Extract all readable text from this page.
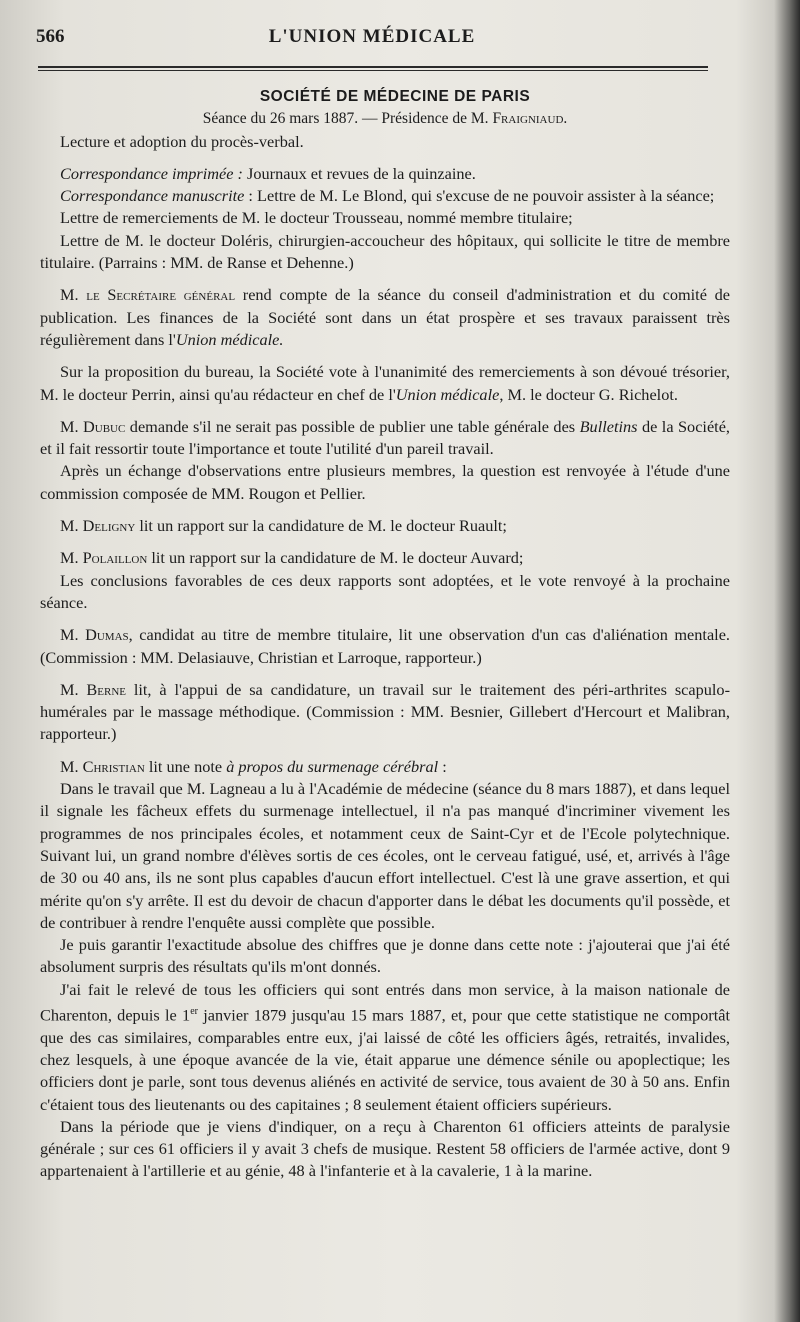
566	L'UNION MÉDICALE

SOCIÉTÉ DE MÉDECINE DE PARIS

Séance du 26 mars 1887. — Présidence de M. Fraigniaud.

Lecture et adoption du procès-verbal.

Correspondance imprimée : Journaux et revues de la quinzaine.

Correspondance manuscrite : Lettre de M. Le Blond, qui s'excuse de ne pouvoir assister à la séance;

Lettre de remerciements de M. le docteur Trousseau, nommé membre titulaire;

Lettre de M. le docteur Doléris, chirurgien-accoucheur des hôpitaux, qui sollicite le titre de membre titulaire. (Parrains : MM. de Ranse et Dehenne.)

M. le Secrétaire général rend compte de la séance du conseil d'administration et du comité de publication. Les finances de la Société sont dans un état prospère et ses travaux paraissent très régulièrement dans l'Union médicale.

Sur la proposition du bureau, la Société vote à l'unanimité des remerciements à son dévoué trésorier, M. le docteur Perrin, ainsi qu'au rédacteur en chef de l'Union médicale, M. le docteur G. Richelot.

M. Dubuc demande s'il ne serait pas possible de publier une table générale des Bulletins de la Société, et il fait ressortir toute l'importance et toute l'utilité d'un pareil travail.

Après un échange d'observations entre plusieurs membres, la question est renvoyée à l'étude d'une commission composée de MM. Rougon et Pellier.

M. Deligny lit un rapport sur la candidature de M. le docteur Ruault;

M. Polaillon lit un rapport sur la candidature de M. le docteur Auvard;

Les conclusions favorables de ces deux rapports sont adoptées, et le vote renvoyé à la prochaine séance.

M. Dumas, candidat au titre de membre titulaire, lit une observation d'un cas d'aliénation mentale. (Commission : MM. Delasiauve, Christian et Larroque, rapporteur.)

M. Berne lit, à l'appui de sa candidature, un travail sur le traitement des péri-arthrites scapulo-humérales par le massage méthodique. (Commission : MM. Besnier, Gillebert d'Hercourt et Malibran, rapporteur.)

M. Christian lit une note à propos du surmenage cérébral :

Dans le travail que M. Lagneau a lu à l'Académie de médecine (séance du 8 mars 1887), et dans lequel il signale les fâcheux effets du surmenage intellectuel, il n'a pas manqué d'incriminer vivement les programmes de nos principales écoles, et notamment ceux de Saint-Cyr et de l'Ecole polytechnique. Suivant lui, un grand nombre d'élèves sortis de ces écoles, ont le cerveau fatigué, usé, et, arrivés à l'âge de 30 ou 40 ans, ils ne sont plus capables d'aucun effort intellectuel. C'est là une grave assertion, et qui mérite qu'on s'y arrête. Il est du devoir de chacun d'apporter dans le débat les documents qu'il possède, et de contribuer à rendre l'enquête aussi complète que possible.

Je puis garantir l'exactitude absolue des chiffres que je donne dans cette note : j'ajouterai que j'ai été absolument surpris des résultats qu'ils m'ont donnés.

J'ai fait le relevé de tous les officiers qui sont entrés dans mon service, à la maison nationale de Charenton, depuis le 1er janvier 1879 jusqu'au 15 mars 1887, et, pour que cette statistique ne comportât que des cas similaires, comparables entre eux, j'ai laissé de côté les officiers âgés, retraités, invalides, chez lesquels, à une époque avancée de la vie, était apparue une démence sénile ou apoplectique; les officiers dont je parle, sont tous devenus aliénés en activité de service, tous avaient de 30 à 50 ans. Enfin c'étaient tous des lieutenants ou des capitaines ; 8 seulement étaient officiers supérieurs.

Dans la période que je viens d'indiquer, on a reçu à Charenton 61 officiers atteints de paralysie générale ; sur ces 61 officiers il y avait 3 chefs de musique. Restent 58 officiers de l'armée active, dont 9 appartenaient à l'artillerie et au génie, 48 à l'infanterie et à la cavalerie, 1 à la marine.
